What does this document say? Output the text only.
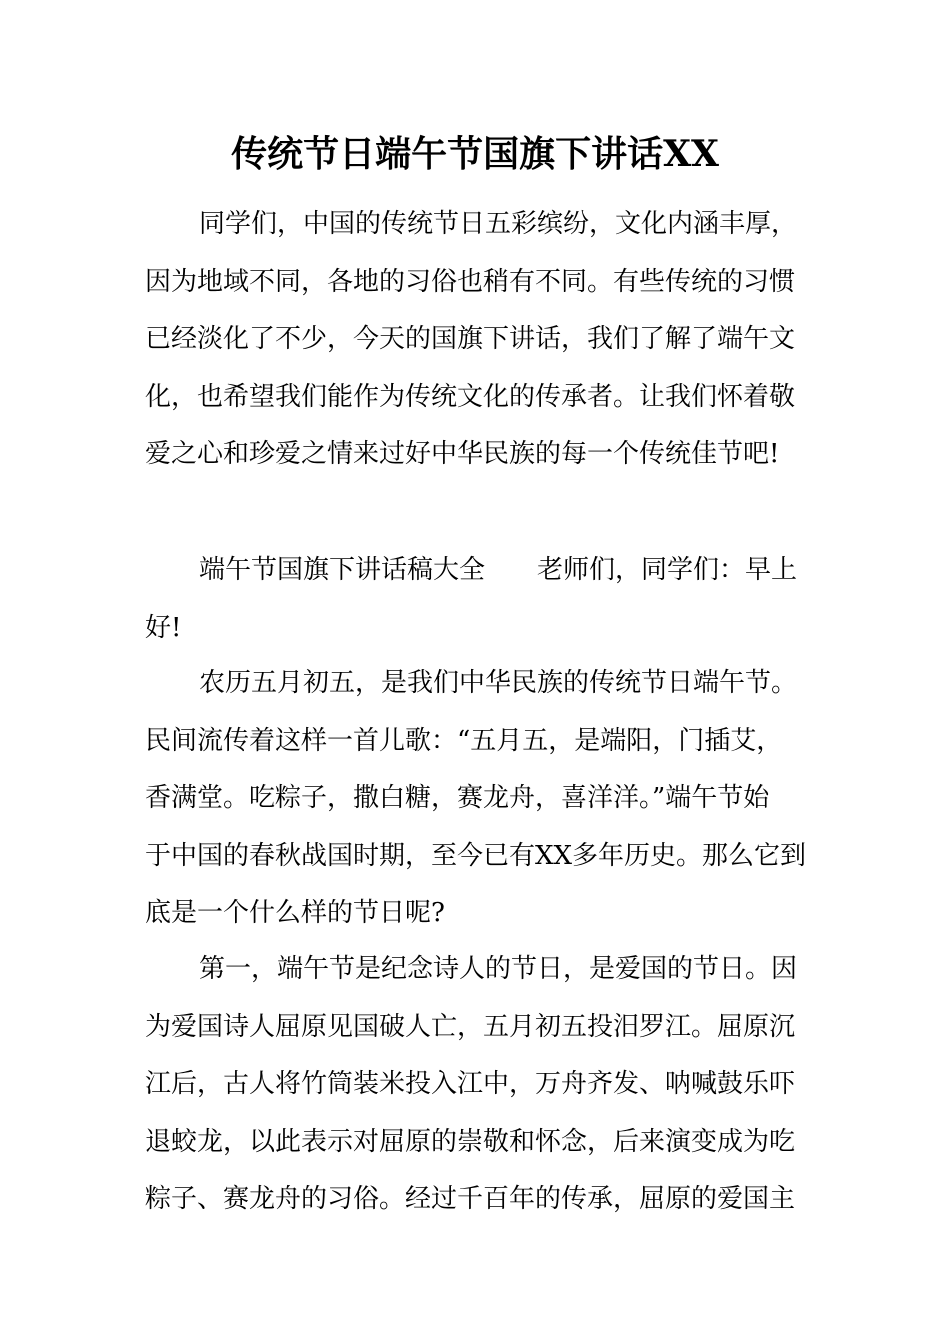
传统节日端午节国旗下讲话XX
同学们，中国的传统节日五彩缤纷，文化内涵丰厚，
因为地域不同，各地的习俗也稍有不同。有些传统的习惯
已经淡化了不少，今天的国旗下讲话，我们了解了端午文
化，也希望我们能作为传统文化的传承者。让我们怀着敬
爱之心和珍爱之情来过好中华民族的每一个传统佳节吧!
端午节国旗下讲话稿大全　　老师们，同学们：早上
好!
农历五月初五，是我们中华民族的传统节日端午节。
民间流传着这样一首儿歌：“五月五，是端阳，门插艾，
香满堂。吃粽子，撒白糖，赛龙舟，喜洋洋。”端午节始
于中国的春秋战国时期，至今已有XX多年历史。那么它到
底是一个什么样的节日呢?
第一，端午节是纪念诗人的节日，是爱国的节日。因
为爱国诗人屈原见国破人亡，五月初五投汨罗江。屈原沉
江后，古人将竹筒装米投入江中，万舟齐发、呐喊鼓乐吓
退蛟龙，以此表示对屈原的崇敬和怀念，后来演变成为吃
粽子、赛龙舟的习俗。经过千百年的传承，屈原的爱国主
